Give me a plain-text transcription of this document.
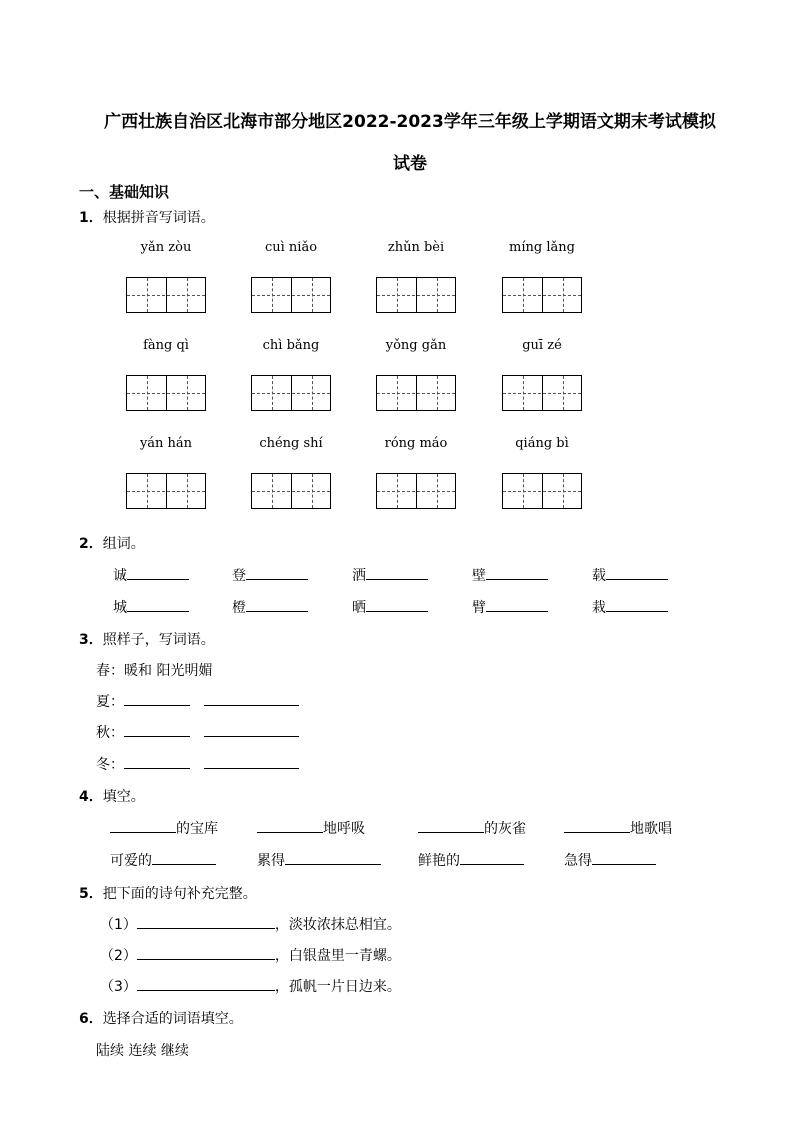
广西壮族自治区北海市部分地区2022-2023学年三年级上学期语文期末考试模拟
试卷
一、基础知识
1．根据拼音写词语。
yǎn zòu	cuì niǎo	zhǔn bèi	míng lǎng
fàng qì	chì bǎng	yǒng gǎn	guī zé
yán hán	chéng shí	róng máo	qiáng bì
2．组词。
诚	登	洒	壁	载
城	橙	晒	臂	栽
3．照样子，写词语。
春：暖和 阳光明媚
夏：
秋：
冬：
4．填空。
的宝库	地呼吸	的灰雀	地歌唱
可爱的	累得	鲜艳的	急得
5．把下面的诗句补充完整。
（1）	，淡妆浓抹总相宜。
（2）	，白银盘里一青螺。
（3）	，孤帆一片日边来。
6．选择合适的词语填空。
陆续 连续 继续
